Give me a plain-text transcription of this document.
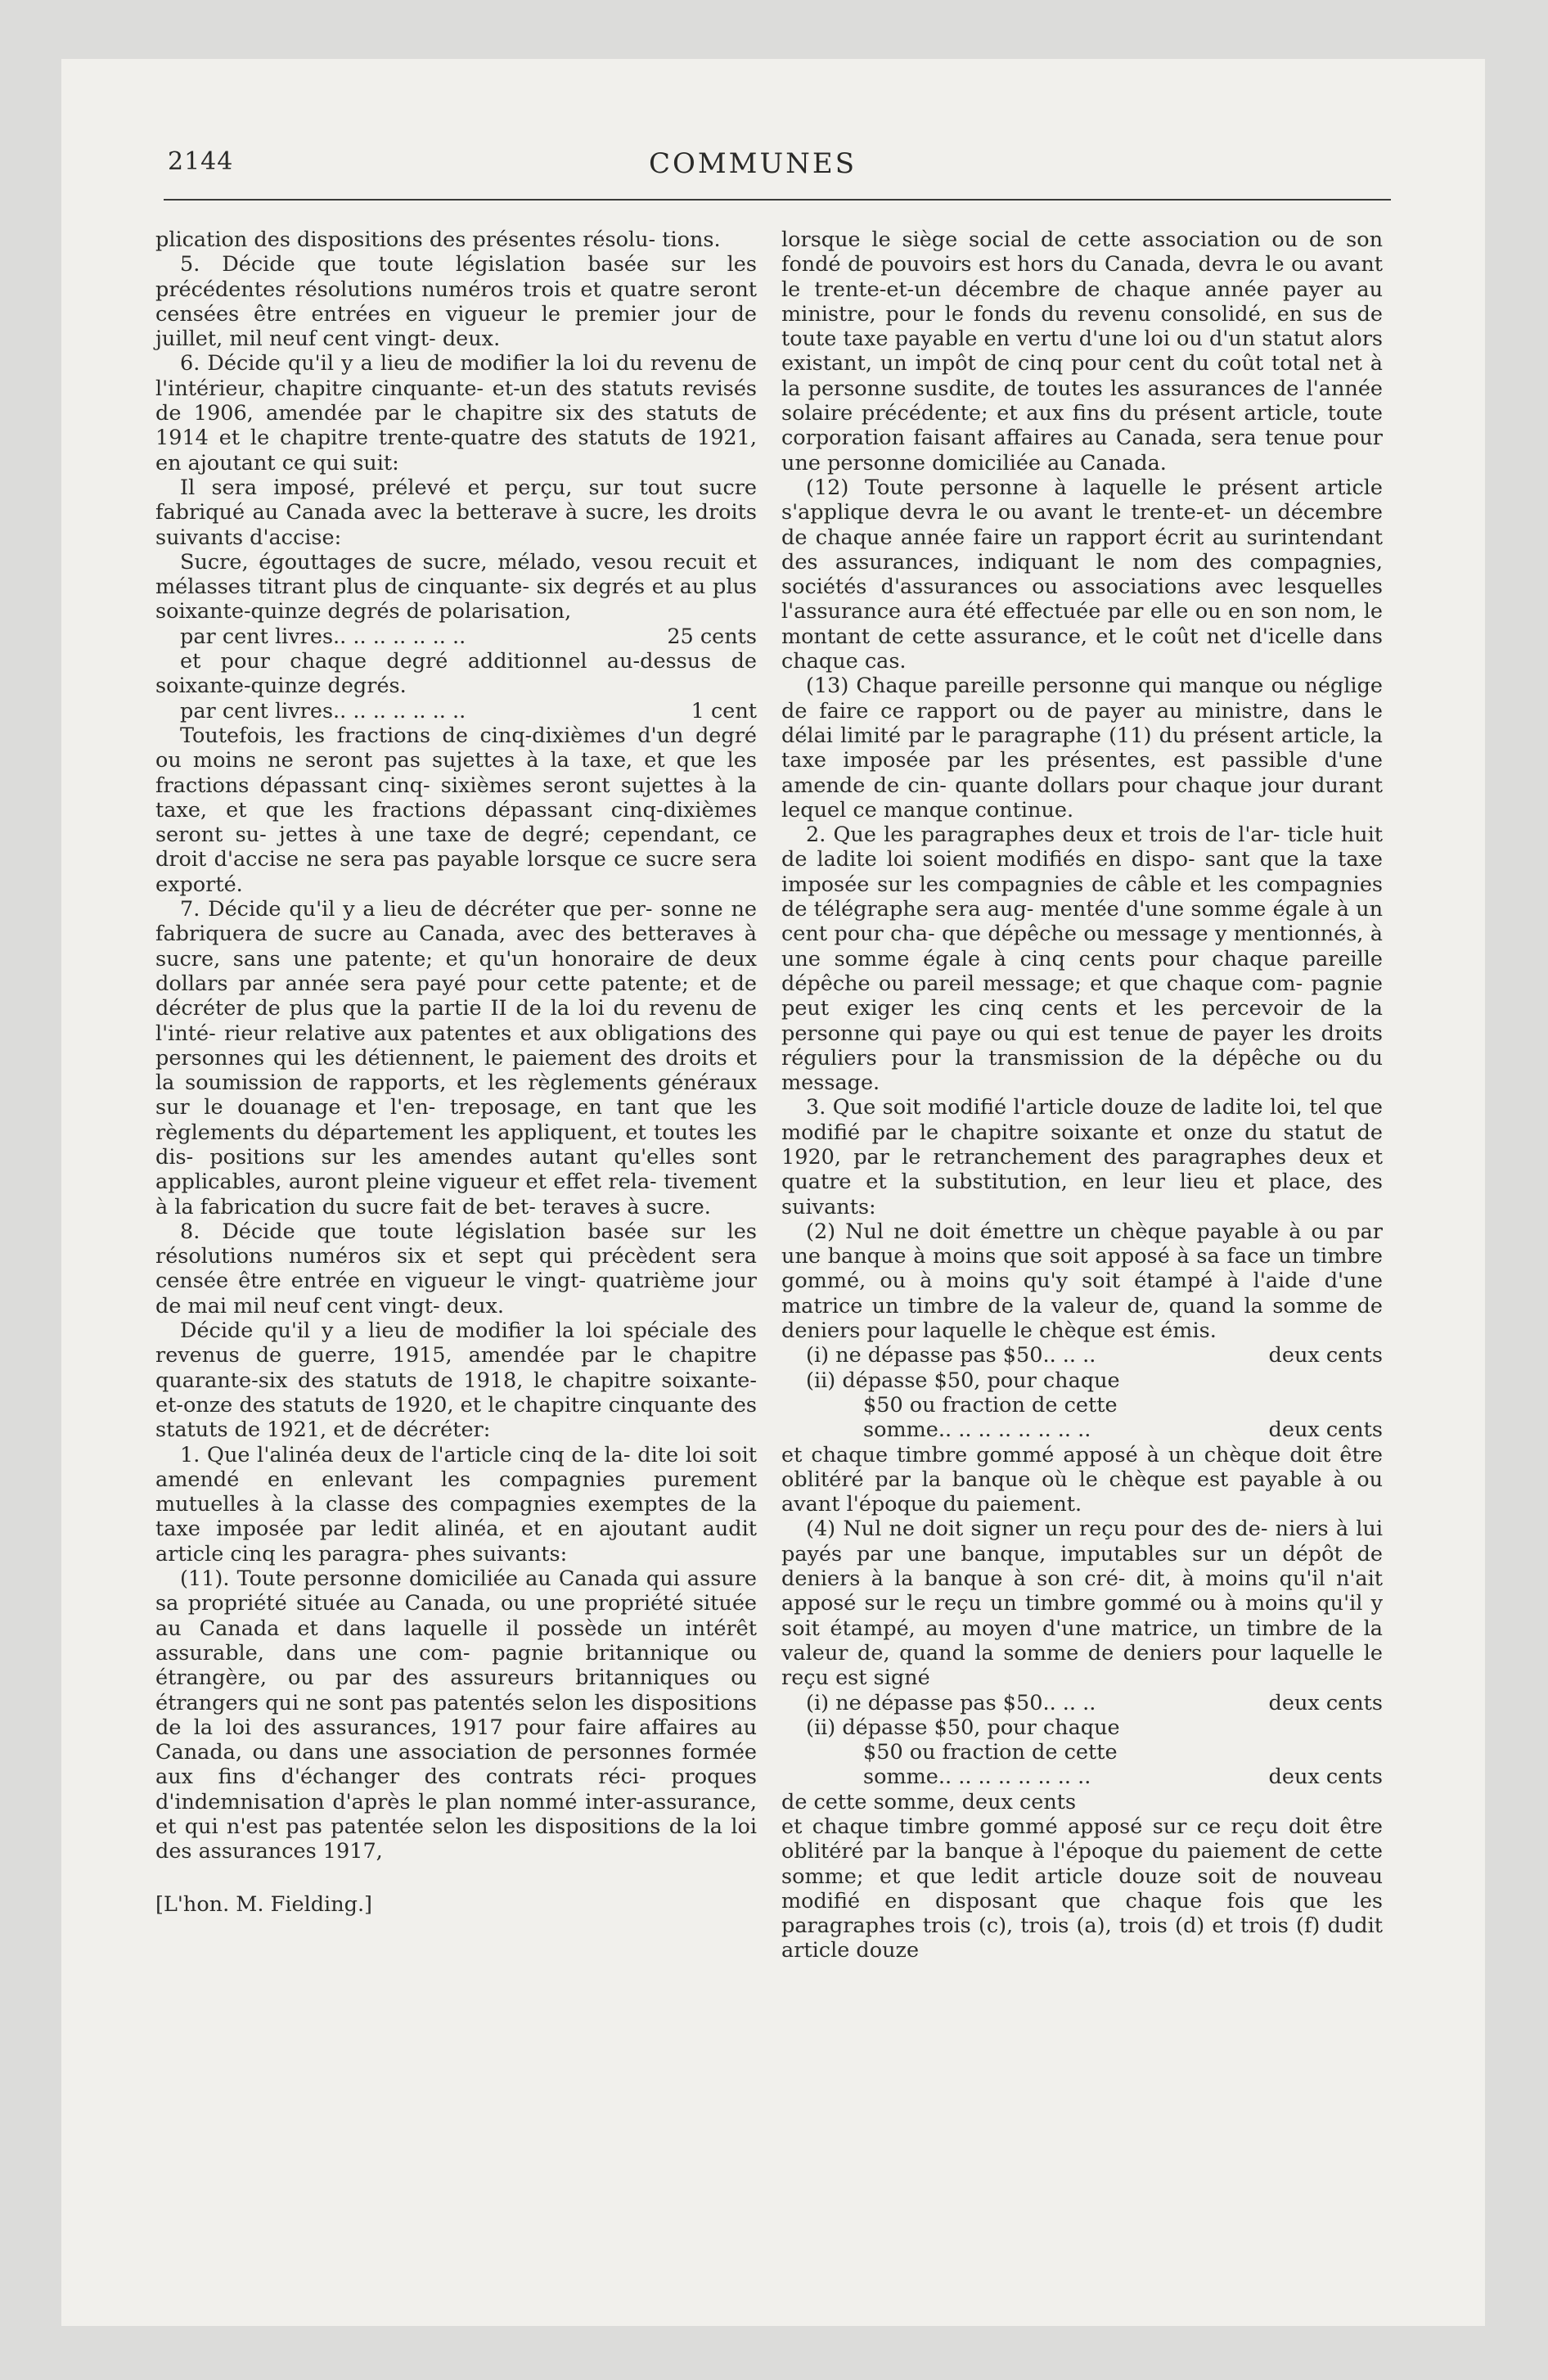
2144	COMMUNES

plication des dispositions des présentes résolu- tions.

5. Décide que toute législation basée sur les précédentes résolutions numéros trois et quatre seront censées être entrées en vigueur le premier jour de juillet, mil neuf cent vingt- deux.

6. Décide qu'il y a lieu de modifier la loi du revenu de l'intérieur, chapitre cinquante- et-un des statuts revisés de 1906, amendée par le chapitre six des statuts de 1914 et le chapitre trente-quatre des statuts de 1921, en ajoutant ce qui suit:

Il sera imposé, prélevé et perçu, sur tout sucre fabriqué au Canada avec la betterave à sucre, les droits suivants d'accise:

Sucre, égouttages de sucre, mélado, vesou recuit et mélasses titrant plus de cinquante- six degrés et au plus soixante-quinze degrés de polarisation,

par cent livres.. .. .. .. .. .. ..	25 cents

et pour chaque degré additionnel au-dessus de soixante-quinze degrés.

par cent livres.. .. .. .. .. .. ..	1 cent

Toutefois, les fractions de cinq-dixièmes d'un degré ou moins ne seront pas sujettes à la taxe, et que les fractions dépassant cinq- sixièmes seront sujettes à la taxe, et que les fractions dépassant cinq-dixièmes seront su- jettes à une taxe de degré; cependant, ce droit d'accise ne sera pas payable lorsque ce sucre sera exporté.

7. Décide qu'il y a lieu de décréter que per- sonne ne fabriquera de sucre au Canada, avec des betteraves à sucre, sans une patente; et qu'un honoraire de deux dollars par année sera payé pour cette patente; et de décréter de plus que la partie II de la loi du revenu de l'inté- rieur relative aux patentes et aux obligations des personnes qui les détiennent, le paiement des droits et la soumission de rapports, et les règlements généraux sur le douanage et l'en- treposage, en tant que les règlements du département les appliquent, et toutes les dis- positions sur les amendes autant qu'elles sont applicables, auront pleine vigueur et effet rela- tivement à la fabrication du sucre fait de bet- teraves à sucre.

8. Décide que toute législation basée sur les résolutions numéros six et sept qui précèdent sera censée être entrée en vigueur le vingt- quatrième jour de mai mil neuf cent vingt- deux.

Décide qu'il y a lieu de modifier la loi spéciale des revenus de guerre, 1915, amendée par le chapitre quarante-six des statuts de 1918, le chapitre soixante-et-onze des statuts de 1920, et le chapitre cinquante des statuts de 1921, et de décréter:

1. Que l'alinéa deux de l'article cinq de la- dite loi soit amendé en enlevant les compagnies purement mutuelles à la classe des compagnies exemptes de la taxe imposée par ledit alinéa, et en ajoutant audit article cinq les paragra- phes suivants:

(11). Toute personne domiciliée au Canada qui assure sa propriété située au Canada, ou une propriété située au Canada et dans laquelle il possède un intérêt assurable, dans une com- pagnie britannique ou étrangère, ou par des assureurs britanniques ou étrangers qui ne sont pas patentés selon les dispositions de la loi des assurances, 1917 pour faire affaires au Canada, ou dans une association de personnes formée aux fins d'échanger des contrats réci- proques d'indemnisation d'après le plan nommé inter-assurance, et qui n'est pas patentée selon les dispositions de la loi des assurances 1917,

[L'hon. M. Fielding.]

lorsque le siège social de cette association ou de son fondé de pouvoirs est hors du Canada, devra le ou avant le trente-et-un décembre de chaque année payer au ministre, pour le fonds du revenu consolidé, en sus de toute taxe payable en vertu d'une loi ou d'un statut alors existant, un impôt de cinq pour cent du coût total net à la personne susdite, de toutes les assurances de l'année solaire précédente; et aux fins du présent article, toute corporation faisant affaires au Canada, sera tenue pour une personne domiciliée au Canada.

(12) Toute personne à laquelle le présent article s'applique devra le ou avant le trente-et- un décembre de chaque année faire un rapport écrit au surintendant des assurances, indiquant le nom des compagnies, sociétés d'assurances ou associations avec lesquelles l'assurance aura été effectuée par elle ou en son nom, le montant de cette assurance, et le coût net d'icelle dans chaque cas.

(13) Chaque pareille personne qui manque ou néglige de faire ce rapport ou de payer au ministre, dans le délai limité par le paragraphe (11) du présent article, la taxe imposée par les présentes, est passible d'une amende de cin- quante dollars pour chaque jour durant lequel ce manque continue.

2. Que les paragraphes deux et trois de l'ar- ticle huit de ladite loi soient modifiés en dispo- sant que la taxe imposée sur les compagnies de câble et les compagnies de télégraphe sera aug- mentée d'une somme égale à un cent pour cha- que dépêche ou message y mentionnés, à une somme égale à cinq cents pour chaque pareille dépêche ou pareil message; et que chaque com- pagnie peut exiger les cinq cents et les percevoir de la personne qui paye ou qui est tenue de payer les droits réguliers pour la transmission de la dépêche ou du message.

3. Que soit modifié l'article douze de ladite loi, tel que modifié par le chapitre soixante et onze du statut de 1920, par le retranchement des paragraphes deux et quatre et la substitution, en leur lieu et place, des suivants:

(2) Nul ne doit émettre un chèque payable à ou par une banque à moins que soit apposé à sa face un timbre gommé, ou à moins qu'y soit étampé à l'aide d'une matrice un timbre de la valeur de, quand la somme de deniers pour laquelle le chèque est émis.

(i) ne dépasse pas $50.. .. ..	deux cents
(ii) dépasse $50, pour chaque
$50 ou fraction de cette
somme.. .. .. .. .. .. .. ..	deux cents

et chaque timbre gommé apposé à un chèque doit être oblitéré par la banque où le chèque est payable à ou avant l'époque du paiement.

(4) Nul ne doit signer un reçu pour des de- niers à lui payés par une banque, imputables sur un dépôt de deniers à la banque à son cré- dit, à moins qu'il n'ait apposé sur le reçu un timbre gommé ou à moins qu'il y soit étampé, au moyen d'une matrice, un timbre de la valeur de, quand la somme de deniers pour laquelle le reçu est signé

(i) ne dépasse pas $50.. .. ..	deux cents
(ii) dépasse $50, pour chaque
$50 ou fraction de cette
somme.. .. .. .. .. .. .. ..	deux cents

de cette somme, deux cents

et chaque timbre gommé apposé sur ce reçu doit être oblitéré par la banque à l'époque du paiement de cette somme; et que ledit article douze soit de nouveau modifié en disposant que chaque fois que les paragraphes trois (c), trois (a), trois (d) et trois (f) dudit article douze
